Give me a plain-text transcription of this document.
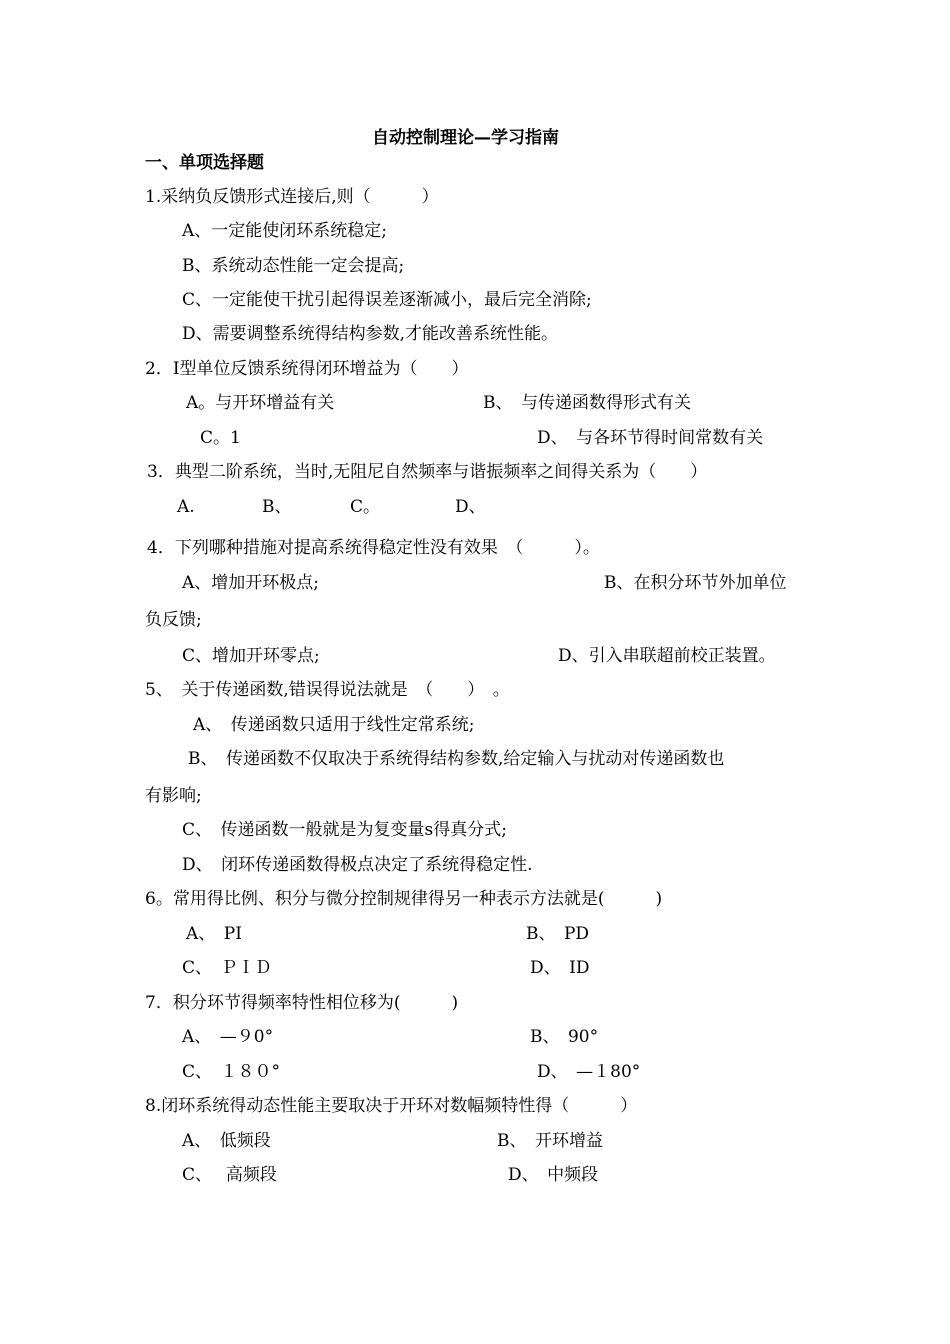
自动控制理论—学习指南
一、单项选择题
1.采纳负反馈形式连接后,则（　　　）
A、一定能使闭环系统稳定;
B、系统动态性能一定会提高;
C、一定能使干扰引起得误差逐渐减小，最后完全消除;
D、需要调整系统得结构参数,才能改善系统性能。
2．I型单位反馈系统得闭环增益为（　　）
A。与开环增益有关	B、　与传递函数得形式有关
C。1	D、　与各环节得时间常数有关
3．典型二阶系统，当时,无阻尼自然频率与谐振频率之间得关系为（　　）
A.	B、	C。	D、
4．下列哪种措施对提高系统得稳定性没有效果　（　　　）。
A、增加开环极点;	B、在积分环节外加单位
负反馈;
C、增加开环零点;	D、引入串联超前校正装置。
5、　关于传递函数,错误得说法就是　（　　）　。
A、　传递函数只适用于线性定常系统;
B、　传递函数不仅取决于系统得结构参数,给定输入与扰动对传递函数也
有影响;
C、　传递函数一般就是为复变量s得真分式;
D、　闭环传递函数得极点决定了系统得稳定性.
6。常用得比例、积分与微分控制规律得另一种表示方法就是(　　　)
A、　PI	B、　PD
C、　ＰＩＤ	D、　ID
7．积分环节得频率特性相位移为(　　　)
A、　—９0°	B、　90°
C、　１８０°	D、　—１80°
8.闭环系统得动态性能主要取决于开环对数幅频特性得（　　　）
A、　低频段	B、　开环增益
C、　 高频段	D、　中频段
